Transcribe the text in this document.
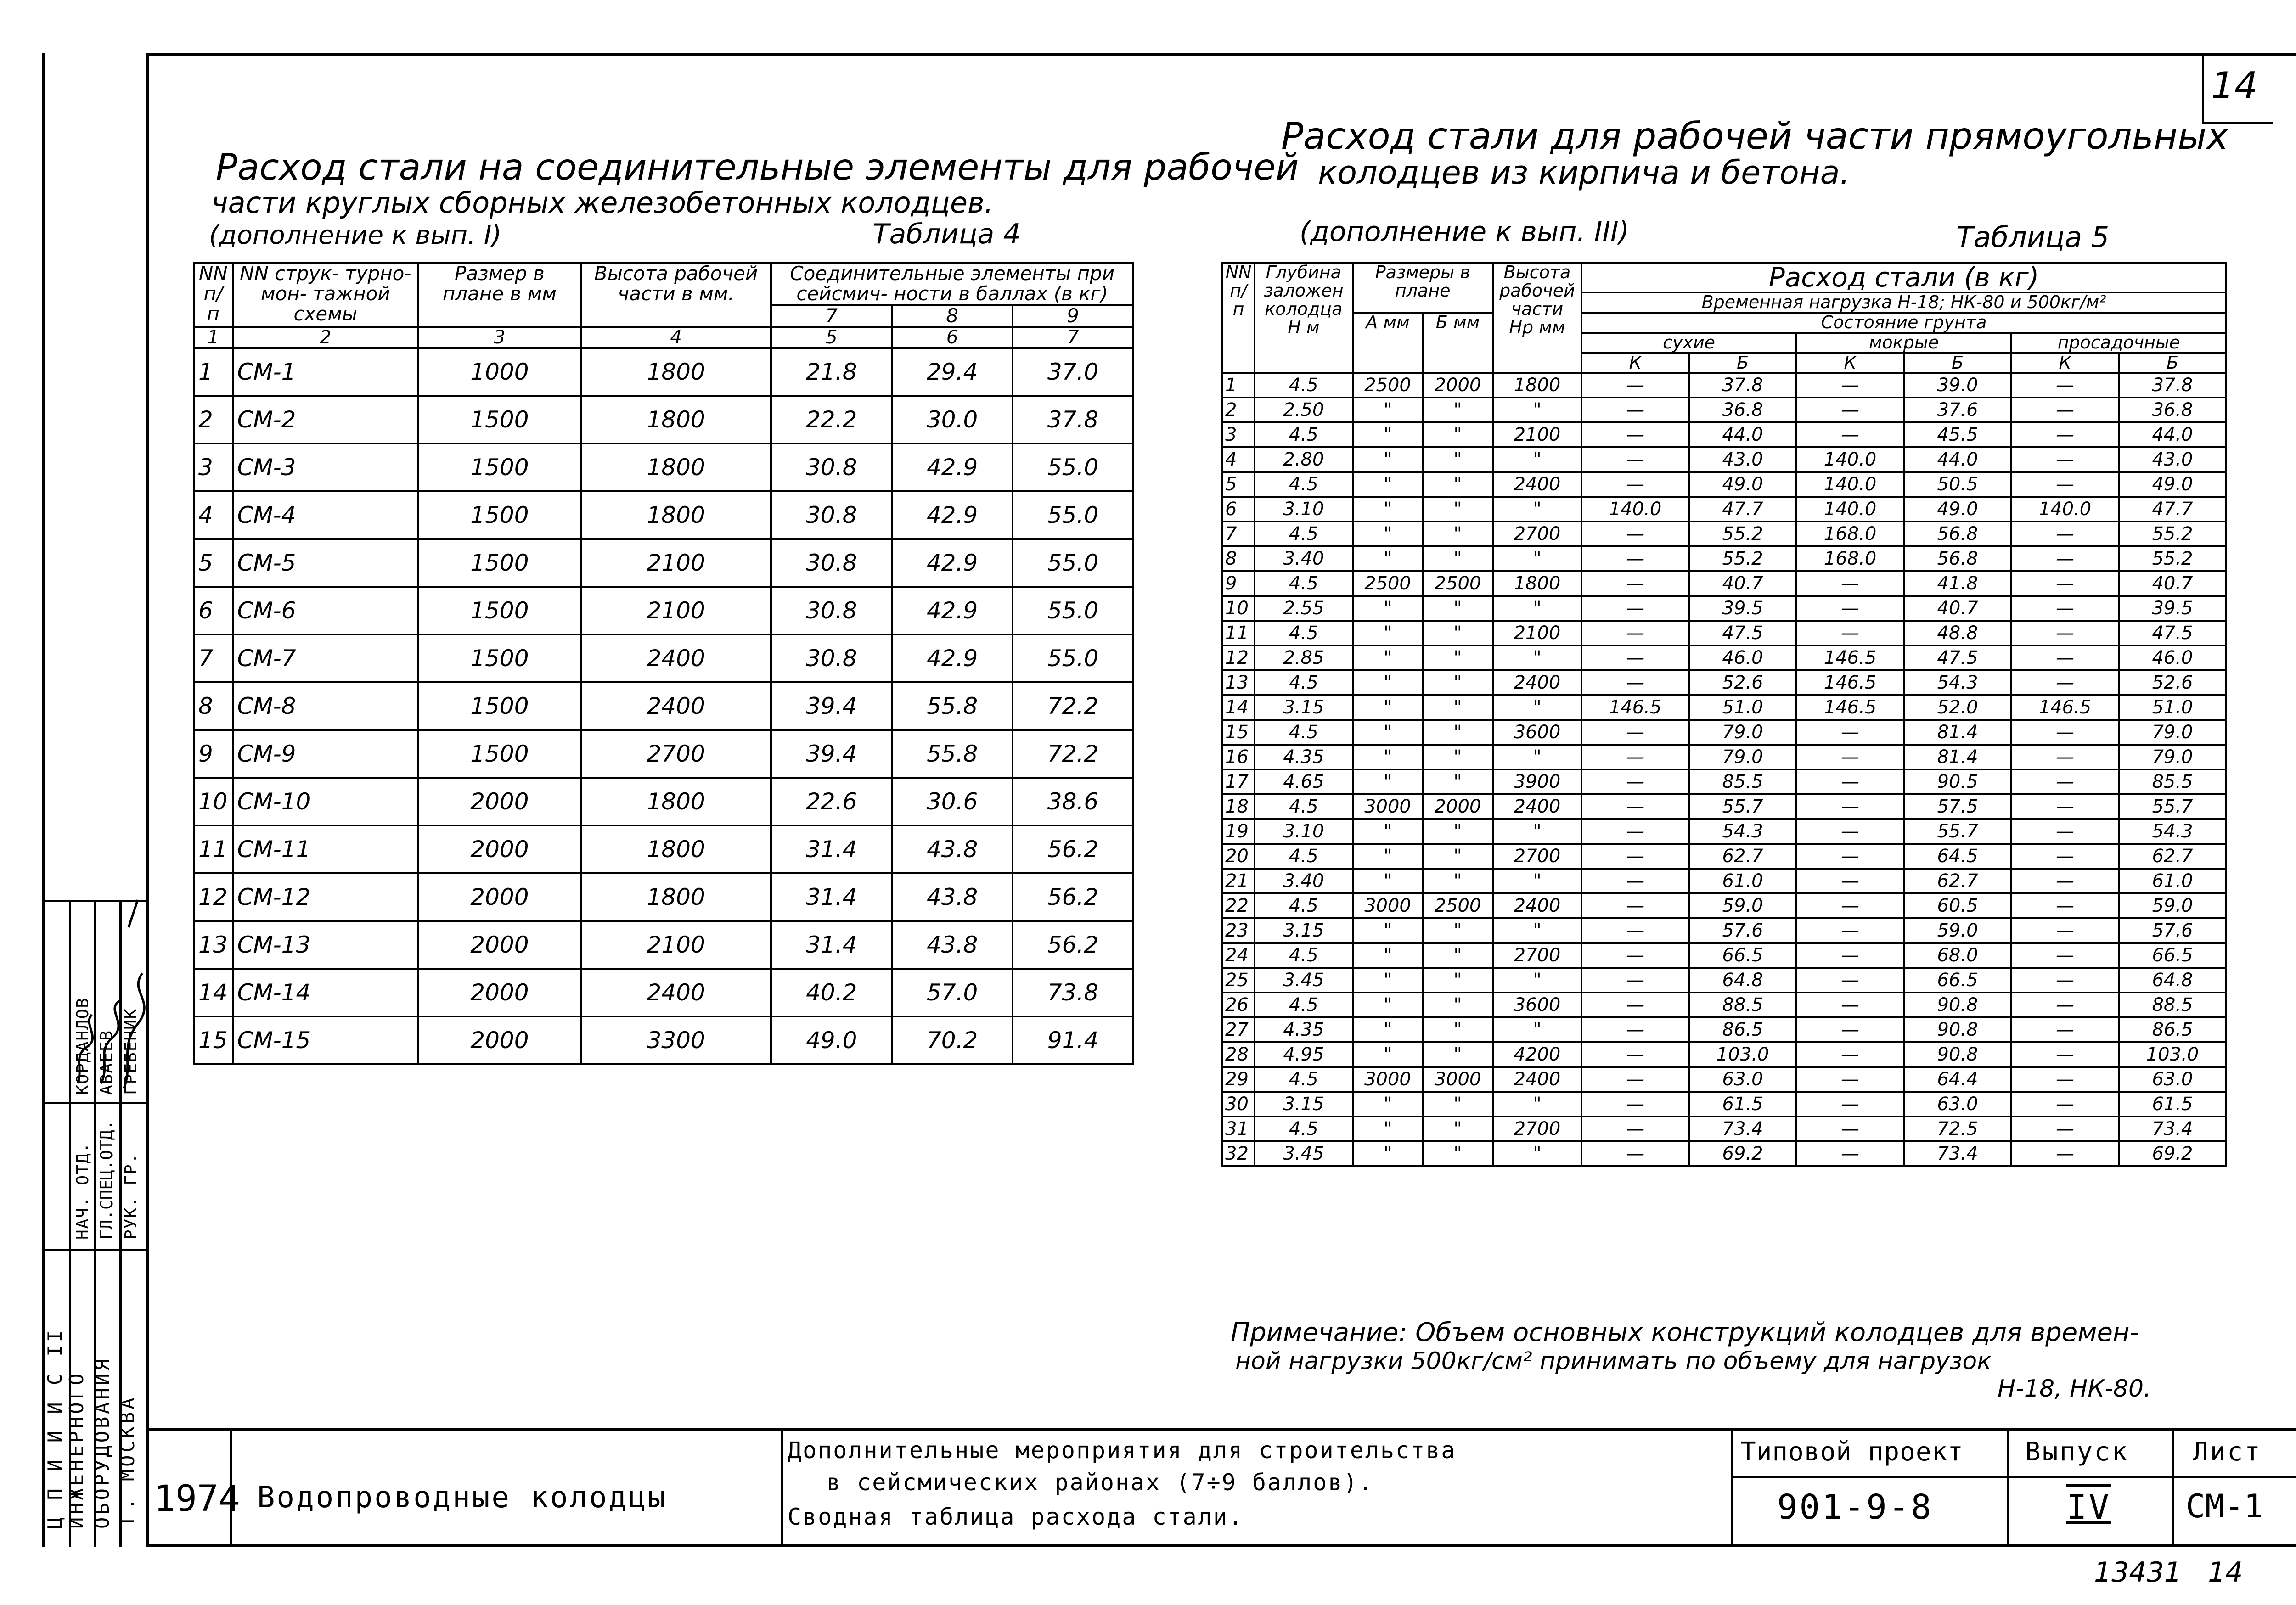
14
Расход стали на соединительные элементы для рабочей
части круглых сборных железобетонных колодцев.
(дополнение к вып. I)	Таблица 4
NN п/п	NN струк- турно-мон- тажной схемы	Размер в плане в мм	Высота рабочей части в мм.	Соединительные элементы при сейсмич- ности в баллах (в кг)		
				7	8	9
1	2	3	4	5	6	7
1	СМ-1	1000	1800	21.8	29.4	37.0
2	СМ-2	1500	1800	22.2	30.0	37.8
3	СМ-3	1500	1800	30.8	42.9	55.0
4	СМ-4	1500	1800	30.8	42.9	55.0
5	СМ-5	1500	2100	30.8	42.9	55.0
6	СМ-6	1500	2100	30.8	42.9	55.0
7	СМ-7	1500	2400	30.8	42.9	55.0
8	СМ-8	1500	2400	39.4	55.8	72.2
9	СМ-9	1500	2700	39.4	55.8	72.2
10	СМ-10	2000	1800	22.6	30.6	38.6
11	СМ-11	2000	1800	31.4	43.8	56.2
12	СМ-12	2000	1800	31.4	43.8	56.2
13	СМ-13	2000	2100	31.4	43.8	56.2
14	СМ-14	2000	2400	40.2	57.0	73.8
15	СМ-15	2000	3300	49.0	70.2	91.4
Расход стали для рабочей части прямоугольных
колодцев из кирпича и бетона.
(дополнение к вып. III)	Таблица 5
NN п/п	Глубина заложен колодца Н м	Размеры в плане		Высота рабочей части Нр мм	Расход стали (в кг)					
					Временная нагрузка Н-18; НК-80 и 500кг/м²					
		А мм	Б мм		Состояние грунта					
					сухие		мокрые		просадочные	
					К	Б	К	Б	К	Б
1	4.5	2500	2000	1800	—	37.8	—	39.0	—	37.8
2	2.50	"	"	"	—	36.8	—	37.6	—	36.8
3	4.5	"	"	2100	—	44.0	—	45.5	—	44.0
4	2.80	"	"	"	—	43.0	140.0	44.0	—	43.0
5	4.5	"	"	2400	—	49.0	140.0	50.5	—	49.0
6	3.10	"	"	"	140.0	47.7	140.0	49.0	140.0	47.7
7	4.5	"	"	2700	—	55.2	168.0	56.8	—	55.2
8	3.40	"	"	"	—	55.2	168.0	56.8	—	55.2
9	4.5	2500	2500	1800	—	40.7	—	41.8	—	40.7
10	2.55	"	"	"	—	39.5	—	40.7	—	39.5
11	4.5	"	"	2100	—	47.5	—	48.8	—	47.5
12	2.85	"	"	"	—	46.0	146.5	47.5	—	46.0
13	4.5	"	"	2400	—	52.6	146.5	54.3	—	52.6
14	3.15	"	"	"	146.5	51.0	146.5	52.0	146.5	51.0
15	4.5	"	"	3600	—	79.0	—	81.4	—	79.0
16	4.35	"	"	"	—	79.0	—	81.4	—	79.0
17	4.65	"	"	3900	—	85.5	—	90.5	—	85.5
18	4.5	3000	2000	2400	—	55.7	—	57.5	—	55.7
19	3.10	"	"	"	—	54.3	—	55.7	—	54.3
20	4.5	"	"	2700	—	62.7	—	64.5	—	62.7
21	3.40	"	"	"	—	61.0	—	62.7	—	61.0
22	4.5	3000	2500	2400	—	59.0	—	60.5	—	59.0
23	3.15	"	"	"	—	57.6	—	59.0	—	57.6
24	4.5	"	"	2700	—	66.5	—	68.0	—	66.5
25	3.45	"	"	"	—	64.8	—	66.5	—	64.8
26	4.5	"	"	3600	—	88.5	—	90.8	—	88.5
27	4.35	"	"	"	—	86.5	—	90.8	—	86.5
28	4.95	"	"	4200	—	103.0	—	90.8	—	103.0
29	4.5	3000	3000	2400	—	63.0	—	64.4	—	63.0
30	3.15	"	"	"	—	61.5	—	63.0	—	61.5
31	4.5	"	"	2700	—	73.4	—	72.5	—	73.4
32	3.45	"	"	"	—	69.2	—	73.4	—	69.2
Примечание: Объем основных конструкций колодцев для времен-
ной нагрузки 500кг/см² принимать по объему для нагрузок
Н-18, НК-80.
Ц П И И И С II
ИНЖЕНЕРНОГО ОБОРУДОВАНИЯ Г. МОСКВА
НАЧ. ОТД. ГЛ.СПЕЦ.ОТД. РУК. ГР.
КОРДАНЛОВ АВАЕЕВ ГРЕБЕНИК
1974 Водопроводные колодцы
Дополнительные мероприятия для строительства
в сейсмических районах (7÷9 баллов).
Сводная таблица расхода стали.
Типовой проект
901-9-8
Выпуск
IV
Лист
СМ-1
13431   14
